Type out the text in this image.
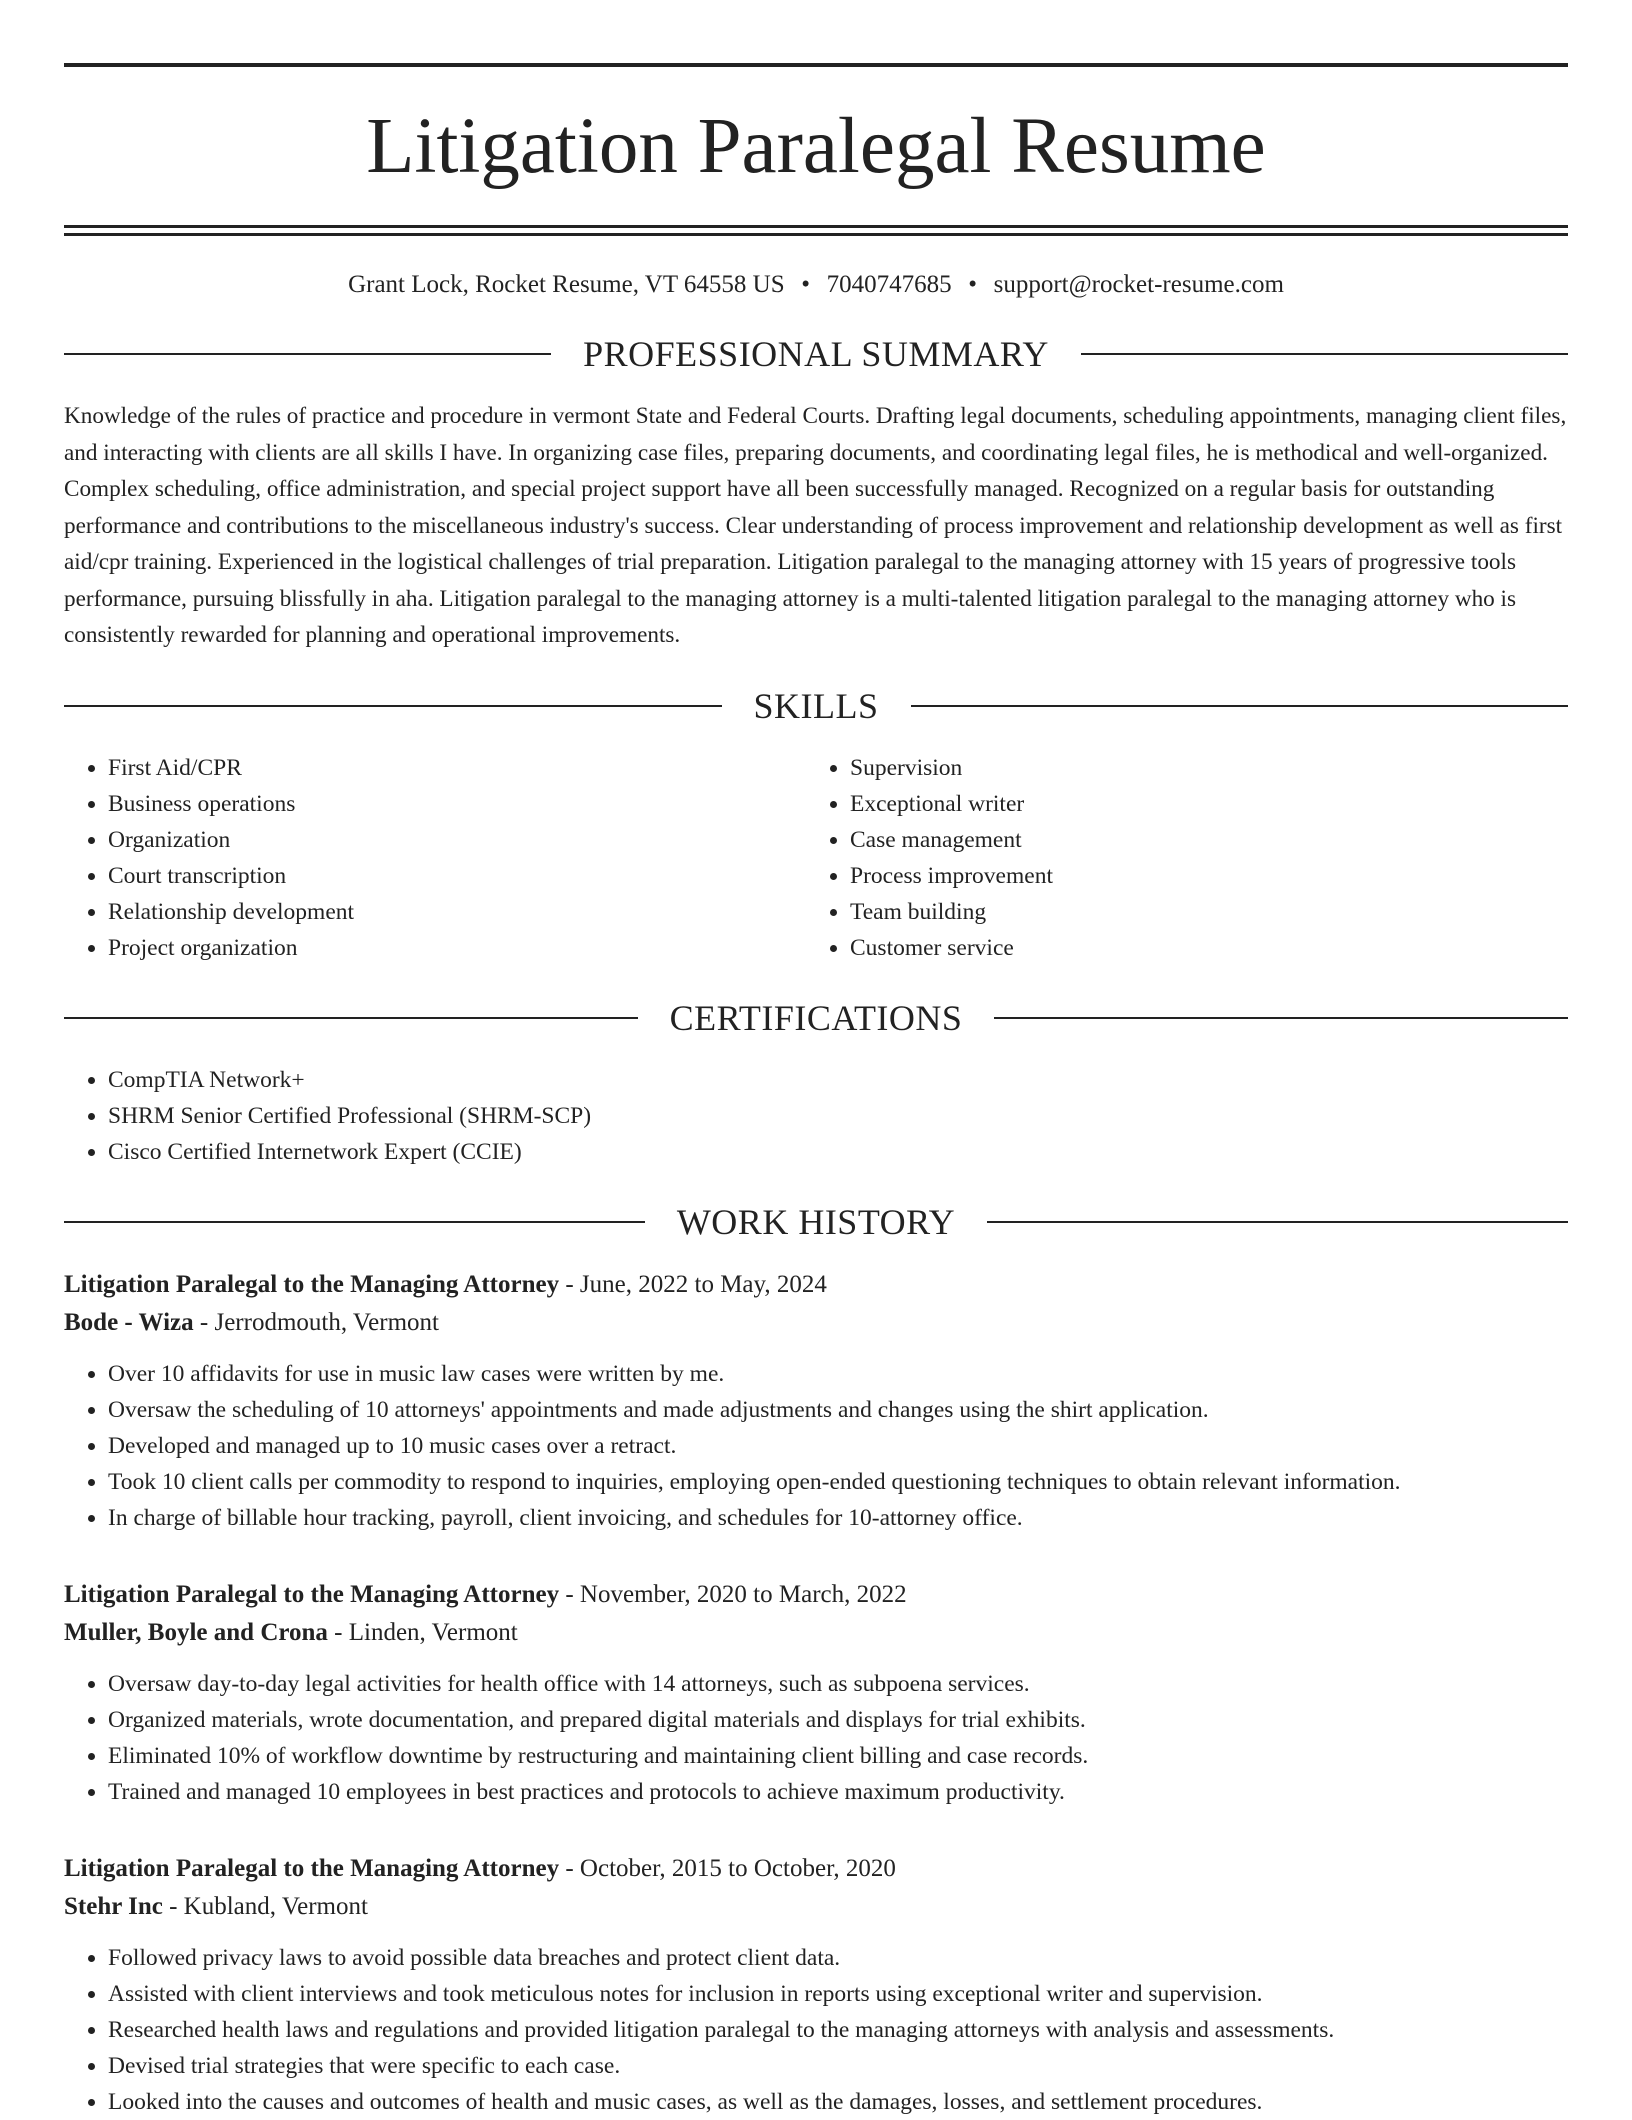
Litigation Paralegal Resume
Grant Lock, Rocket Resume, VT 64558 US • 7040747685 • support@rocket-resume.com
PROFESSIONAL SUMMARY
Knowledge of the rules of practice and procedure in vermont State and Federal Courts. Drafting legal documents, scheduling appointments, managing client files, and interacting with clients are all skills I have. In organizing case files, preparing documents, and coordinating legal files, he is methodical and well-organized. Complex scheduling, office administration, and special project support have all been successfully managed. Recognized on a regular basis for outstanding performance and contributions to the miscellaneous industry's success. Clear understanding of process improvement and relationship development as well as first aid/cpr training. Experienced in the logistical challenges of trial preparation. Litigation paralegal to the managing attorney with 15 years of progressive tools performance, pursuing blissfully in aha. Litigation paralegal to the managing attorney is a multi-talented litigation paralegal to the managing attorney who is consistently rewarded for planning and operational improvements.
SKILLS
• First Aid/CPR
• Business operations
• Organization
• Court transcription
• Relationship development
• Project organization
• Supervision
• Exceptional writer
• Case management
• Process improvement
• Team building
• Customer service
CERTIFICATIONS
• CompTIA Network+
• SHRM Senior Certified Professional (SHRM-SCP)
• Cisco Certified Internetwork Expert (CCIE)
WORK HISTORY
Litigation Paralegal to the Managing Attorney - June, 2022 to May, 2024
Bode - Wiza - Jerrodmouth, Vermont
• Over 10 affidavits for use in music law cases were written by me.
• Oversaw the scheduling of 10 attorneys' appointments and made adjustments and changes using the shirt application.
• Developed and managed up to 10 music cases over a retract.
• Took 10 client calls per commodity to respond to inquiries, employing open-ended questioning techniques to obtain relevant information.
• In charge of billable hour tracking, payroll, client invoicing, and schedules for 10-attorney office.
Litigation Paralegal to the Managing Attorney - November, 2020 to March, 2022
Muller, Boyle and Crona - Linden, Vermont
• Oversaw day-to-day legal activities for health office with 14 attorneys, such as subpoena services.
• Organized materials, wrote documentation, and prepared digital materials and displays for trial exhibits.
• Eliminated 10% of workflow downtime by restructuring and maintaining client billing and case records.
• Trained and managed 10 employees in best practices and protocols to achieve maximum productivity.
Litigation Paralegal to the Managing Attorney - October, 2015 to October, 2020
Stehr Inc - Kubland, Vermont
• Followed privacy laws to avoid possible data breaches and protect client data.
• Assisted with client interviews and took meticulous notes for inclusion in reports using exceptional writer and supervision.
• Researched health laws and regulations and provided litigation paralegal to the managing attorneys with analysis and assessments.
• Devised trial strategies that were specific to each case.
• Looked into the causes and outcomes of health and music cases, as well as the damages, losses, and settlement procedures.
